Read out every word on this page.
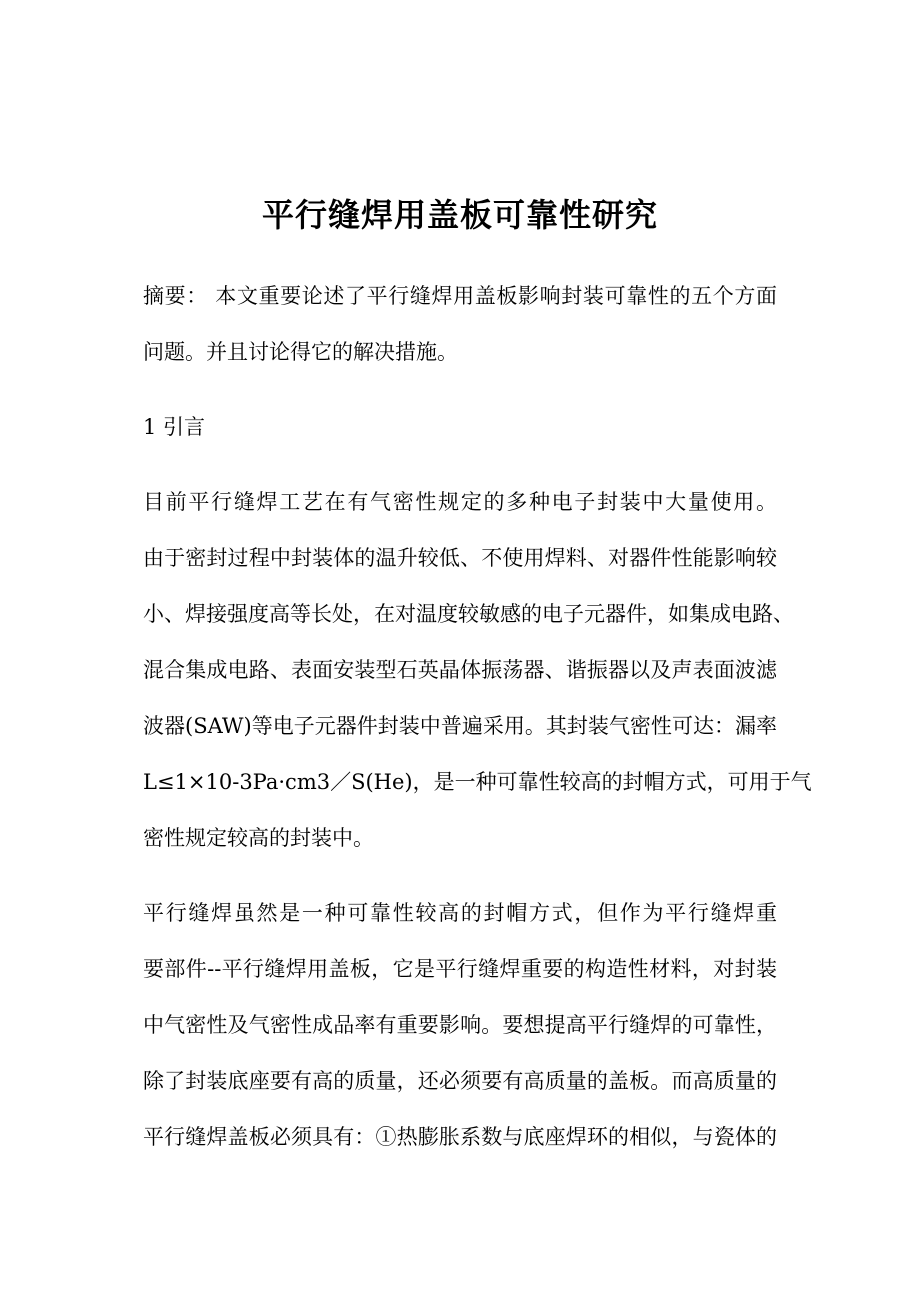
平行缝焊用盖板可靠性研究
摘要： 本文重要论述了平行缝焊用盖板影响封装可靠性的五个方面
问题。并且讨论得它的解决措施。
1 引言
目前平行缝焊工艺在有气密性规定的多种电子封装中大量使用。
由于密封过程中封装体的温升较低、不使用焊料、对器件性能影响较
小、焊接强度高等长处，在对温度较敏感的电子元器件，如集成电路、
混合集成电路、表面安装型石英晶体振荡器、谐振器以及声表面波滤
波器(SAW)等电子元器件封装中普遍采用。其封装气密性可达：漏率
L≤1×10-3Pa·cm3／S(He)，是一种可靠性较高的封帽方式，可用于气
密性规定较高的封装中。
平行缝焊虽然是一种可靠性较高的封帽方式，但作为平行缝焊重
要部件--平行缝焊用盖板，它是平行缝焊重要的构造性材料，对封装
中气密性及气密性成品率有重要影响。要想提高平行缝焊的可靠性，
除了封装底座要有高的质量，还必须要有高质量的盖板。而高质量的
平行缝焊盖板必须具有：①热膨胀系数与底座焊环的相似，与瓷体的
